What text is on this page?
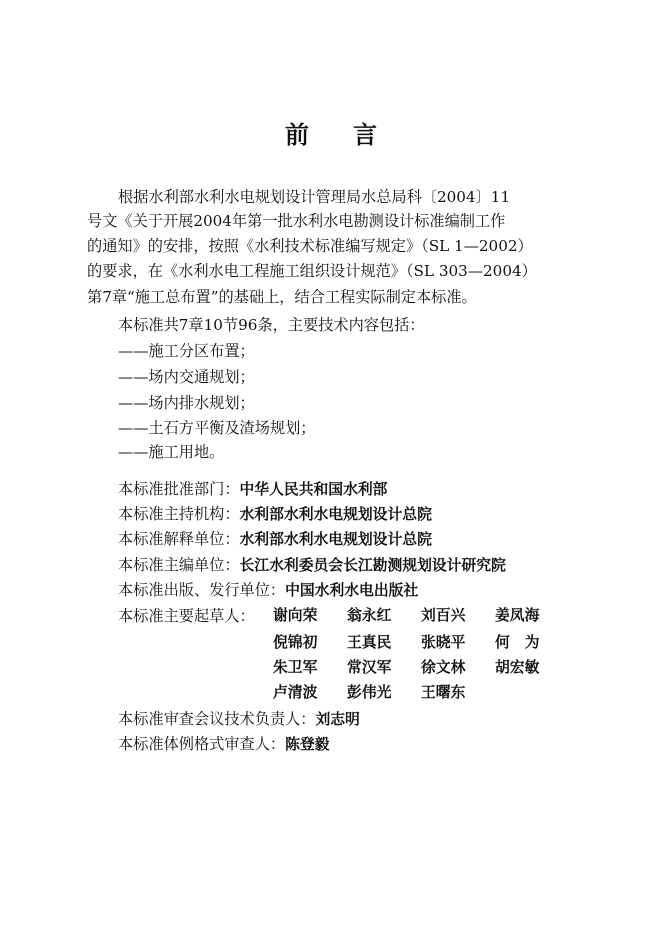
前言
根据水利部水利水电规划设计管理局水总局科〔2004〕11
号文《关于开展2004年第一批水利水电勘测设计标准编制工作
的通知》的安排，按照《水利技术标准编写规定》（SL 1—2002）
的要求，在《水利水电工程施工组织设计规范》（SL 303—2004）
第7章“施工总布置”的基础上，结合工程实际制定本标准。
本标准共7章10节96条，主要技术内容包括：
——施工分区布置；
——场内交通规划；
——场内排水规划；
——土石方平衡及渣场规划；
——施工用地。
本标准批准部门：中华人民共和国水利部
本标准主持机构：水利部水利水电规划设计总院
本标准解释单位：水利部水利水电规划设计总院
本标准主编单位：长江水利委员会长江勘测规划设计研究院
本标准出版、发行单位：中国水利水电出版社
本标准主要起草人： 谢向荣 翁永红 刘百兴 姜凤海
倪锦初 王真民 张晓平 何　为
朱卫军 常汉军 徐文林 胡宏敏
卢清波 彭伟光 王曙东
本标准审查会议技术负责人：刘志明
本标准体例格式审查人：陈登毅
